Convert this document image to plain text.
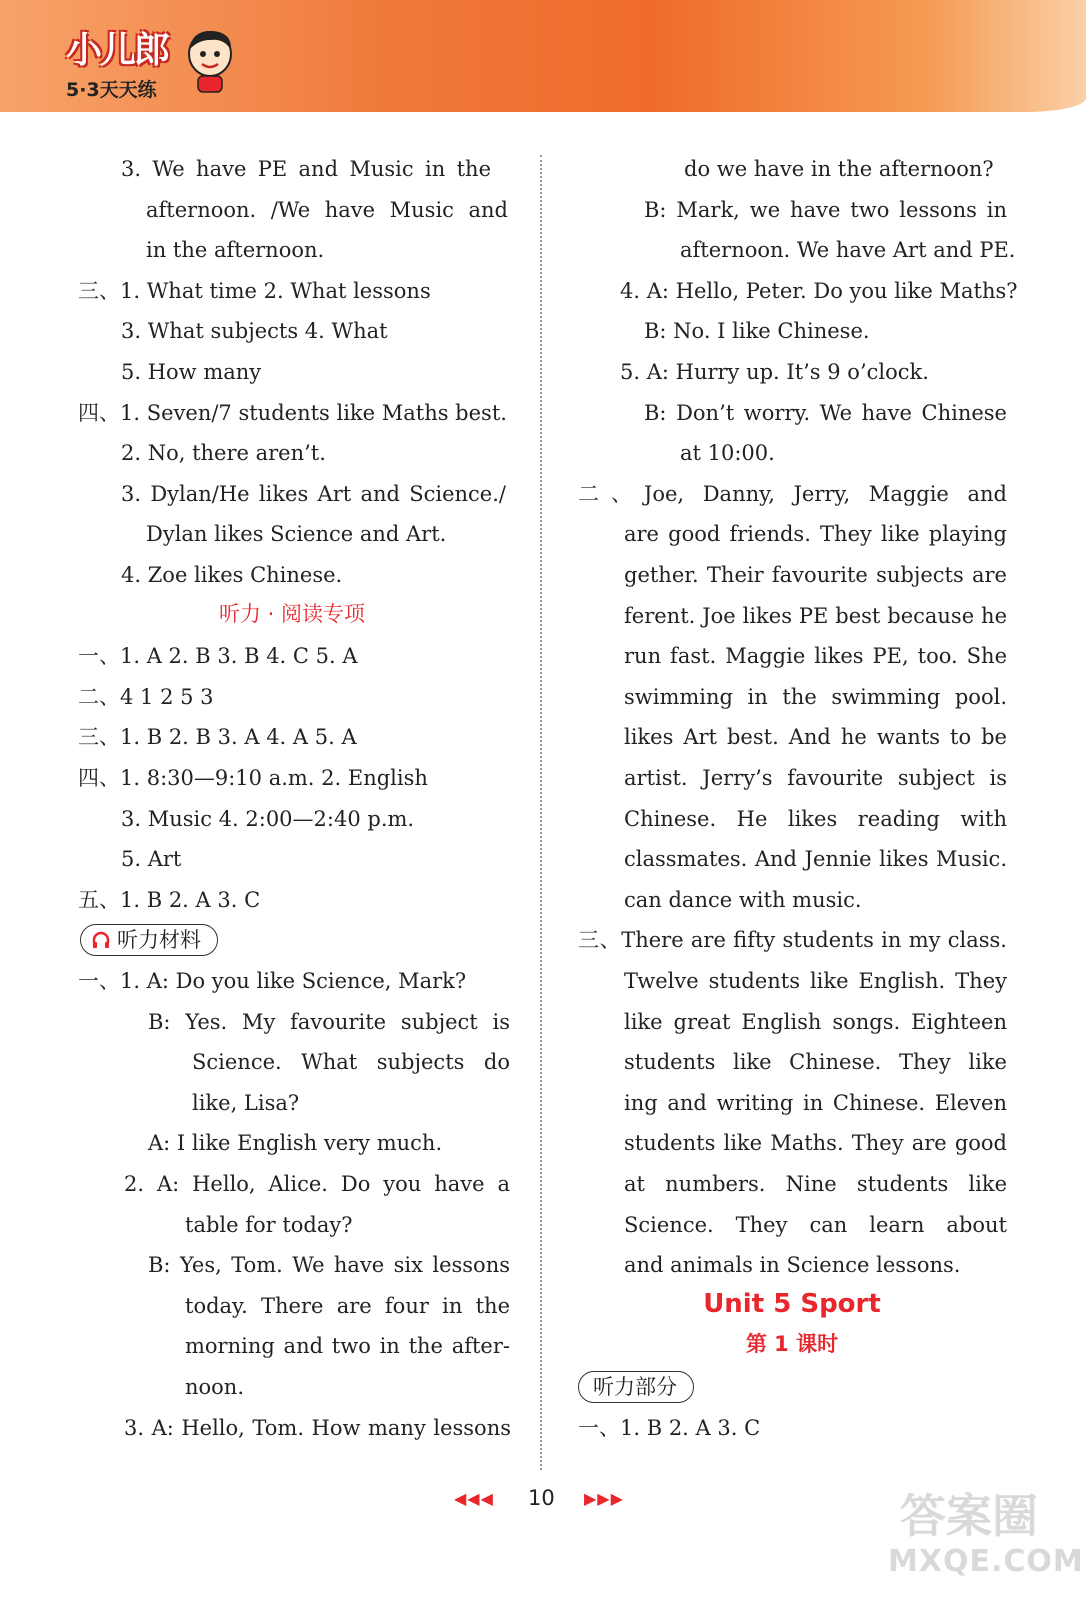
小儿郎
5·3天天练
3. We have PE and Music in the
afternoon. /We have Music and
in the afternoon.
三、1. What time 2. What lessons
3. What subjects 4. What
5. How many
四、1. Seven/7 students like Maths best.
2. No, there aren’t.
3. Dylan/He likes Art and Science./
Dylan likes Science and Art.
4. Zoe likes Chinese.
听力 · 阅读专项
一、1. A 2. B 3. B 4. C 5. A
二、4 1 2 5 3
三、1. B 2. B 3. A 4. A 5. A
四、1. 8:30—9:10 a.m. 2. English
3. Music 4. 2:00—2:40 p.m.
5. Art
五、1. B 2. A 3. C
听力材料
一、1. A: Do you like Science, Mark?
B: Yes. My favourite subject is
Science. What subjects do
like, Lisa?
A: I like English very much.
2. A: Hello, Alice. Do you have a
table for today?
B: Yes, Tom. We have six lessons
today. There are four in the
morning and two in the after-
noon.
3. A: Hello, Tom. How many lessons
do we have in the afternoon?
B: Mark, we have two lessons in
afternoon. We have Art and PE.
4. A: Hello, Peter. Do you like Maths?
B: No. I like Chinese.
5. A: Hurry up. It’s 9 o’clock.
B: Don’t worry. We have Chinese
at 10:00.
二、Joe, Danny, Jerry, Maggie and
are good friends. They like playing
gether. Their favourite subjects are
ferent. Joe likes PE best because he
run fast. Maggie likes PE, too. She
swimming in the swimming pool.
likes Art best. And he wants to be
artist. Jerry’s favourite subject is
Chinese. He likes reading with
classmates. And Jennie likes Music.
can dance with music.
三、There are fifty students in my class.
Twelve students like English. They
like great English songs. Eighteen
students like Chinese. They like
ing and writing in Chinese. Eleven
students like Maths. They are good
at numbers. Nine students like
Science. They can learn about
and animals in Science lessons.
Unit 5 Sport
第 1 课时
听力部分
一、1. B 2. A 3. C
◀◀◀ 10 ▶▶▶	答案圈
MXQE.COM
